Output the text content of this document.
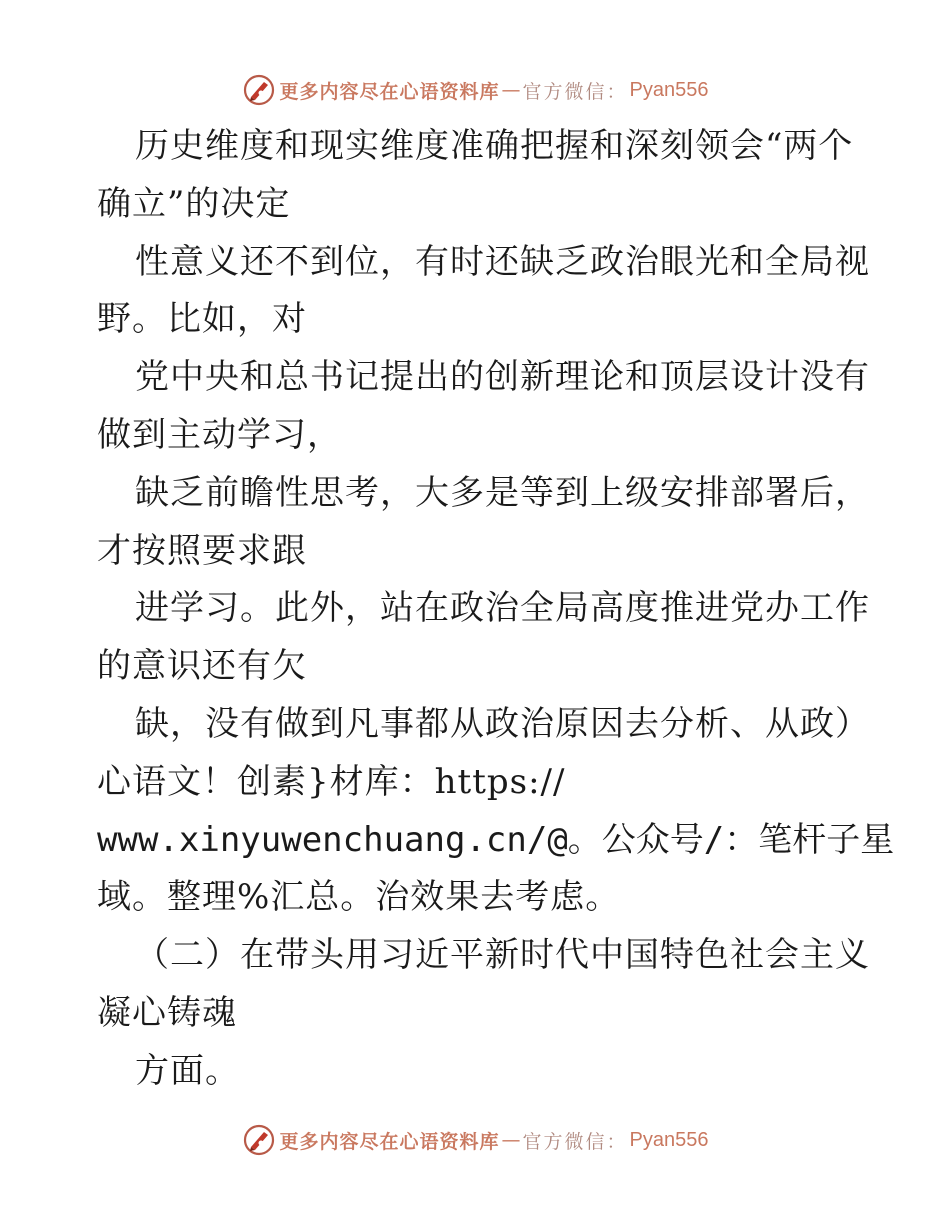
更多内容尽在心语资料库 — 官方微信： Pyan556
历史维度和现实维度准确把握和深刻领会“两个
确立”的决定
性意义还不到位，有时还缺乏政治眼光和全局视
野。比如，对
党中央和总书记提出的创新理论和顶层设计没有
做到主动学习，
缺乏前瞻性思考，大多是等到上级安排部署后，
才按照要求跟
进学习。此外，站在政治全局高度推进党办工作
的意识还有欠
缺，没有做到凡事都从政治原因去分析、从政）
心语文！创素}材库：https://
www.xinyuwenchuang.cn/@。公众号/：笔杆子星
域。整理%汇总。治效果去考虑。
（二）在带头用习近平新时代中国特色社会主义
凝心铸魂
方面。
更多内容尽在心语资料库 — 官方微信： Pyan556
